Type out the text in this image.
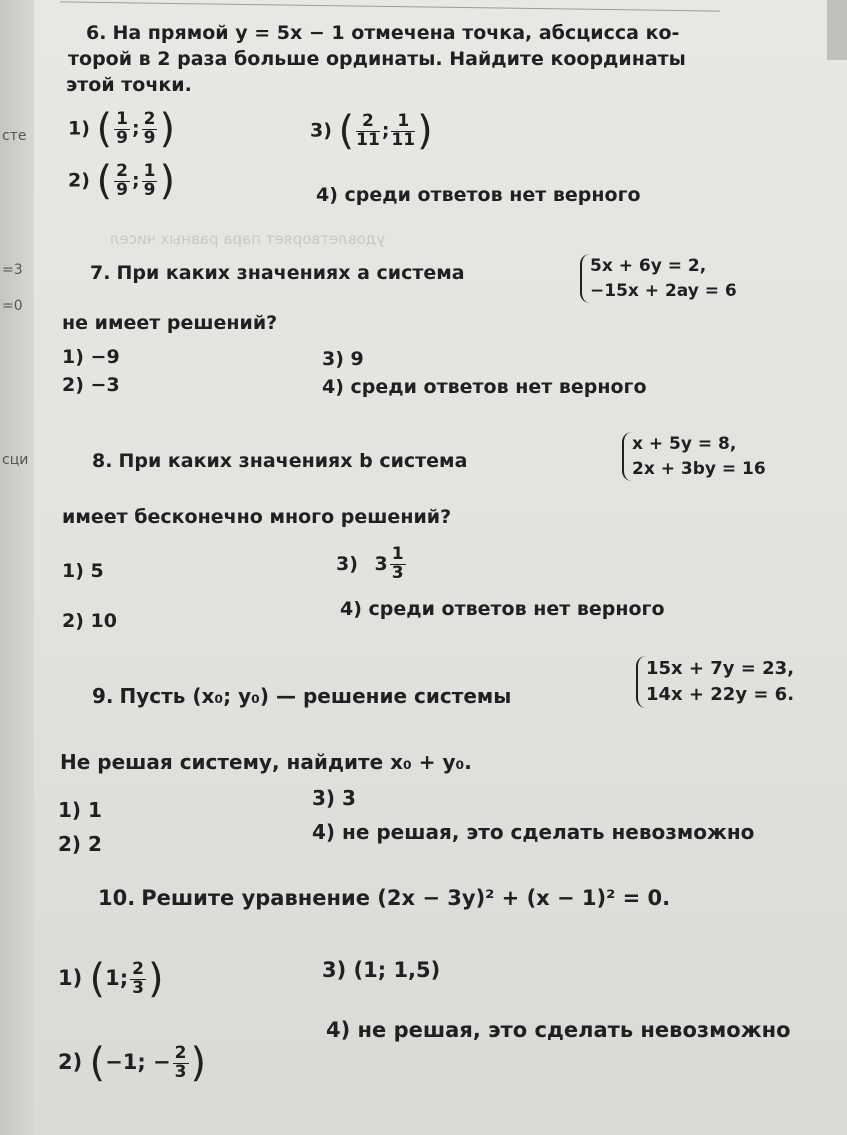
сте
=3
=0
сци
6. На прямой y = 5x − 1 отмечена точка, абсцисса ко-
торой в 2 раза больше ординаты. Найдите координаты
этой точки.
1) ( $\frac{1}{9}$ ; $\frac{2}{9}$ )
2) ( $\frac{2}{9}$ ; $\frac{1}{9}$ )
3) ( $\frac{2}{11}$ ; $\frac{1}{11}$ )
4) среди ответов нет верного
удовлетворяет пара равных чисел
7. При каких значениях a система	5x + 6y = 2,
−15x + 2ay = 6
не имеет решений?
1) −9
2) −3
3) 9
4) среди ответов нет верного
8. При каких значениях b система
x + 5y = 8,
2x + 3by = 16
имеет бесконечно много решений?
1) 5
2) 10
3) $3 \frac{1}{3}$
4) среди ответов нет верного
9. Пусть (x₀; y₀) — решение системы
15x + 7y = 23,
14x + 22y = 6.
Не решая систему, найдите x₀ + y₀.
1) 1
2) 2
3) 3
4) не решая, это сделать невозможно
10. Решите уравнение (2x − 3y)² + (x − 1)² = 0.
1) (1; $\frac{2}{3}$ )
2) (−1; − $\frac{2}{3}$ )
3) (1; 1,5)
4) не решая, это сделать невозможно
